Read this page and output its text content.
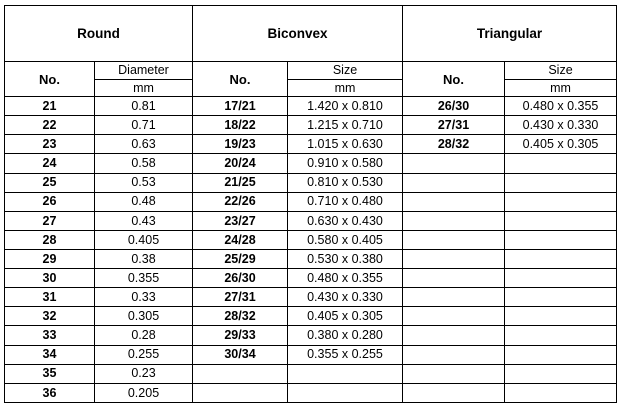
Round		Biconvex		Triangular	
No.	Diameter	No.	Size	No.	Size
	mm		mm		mm
21	0.81	17/21	1.420 x 0.810	26/30	0.480 x 0.355
22	0.71	18/22	1.215 x 0.710	27/31	0.430 x 0.330
23	0.63	19/23	1.015 x 0.630	28/32	0.405 x 0.305
24	0.58	20/24	0.910 x 0.580		
25	0.53	21/25	0.810 x 0.530		
26	0.48	22/26	0.710 x 0.480		
27	0.43	23/27	0.630 x 0.430		
28	0.405	24/28	0.580 x 0.405		
29	0.38	25/29	0.530 x 0.380		
30	0.355	26/30	0.480 x 0.355		
31	0.33	27/31	0.430 x 0.330		
32	0.305	28/32	0.405 x 0.305		
33	0.28	29/33	0.380 x 0.280		
34	0.255	30/34	0.355 x 0.255		
35	0.23				
36	0.205				
